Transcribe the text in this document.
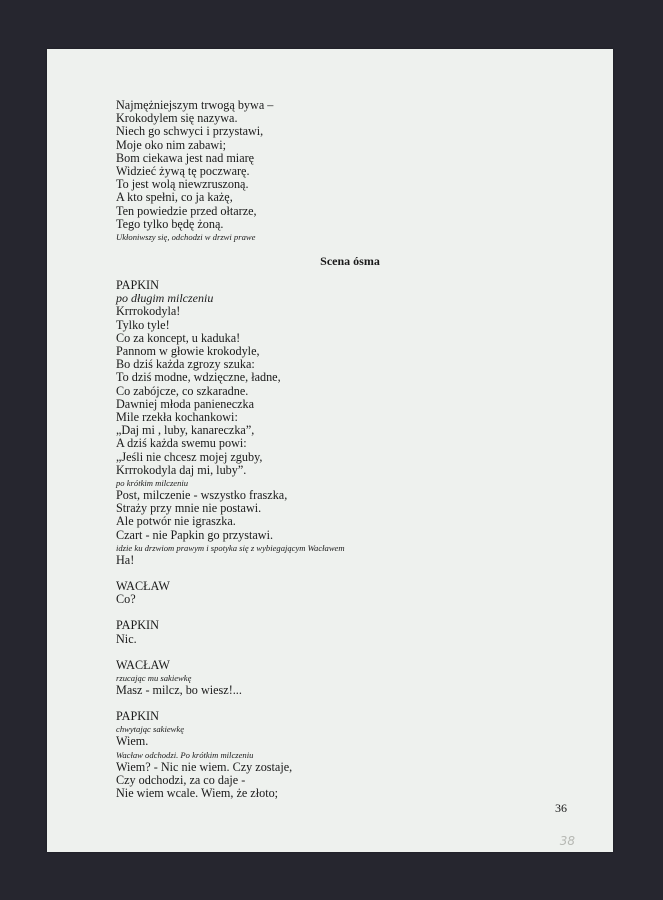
Najmężniejszym trwogą bywa –
Krokodylem się nazywa.
Niech go schwyci i przystawi,
Moje oko nim zabawi;
Bom ciekawa jest nad miarę
Widzieć żywą tę poczwarę.
To jest wolą niewzruszoną.
A kto spełni, co ja każę,
Ten powiedzie przed ołtarze,
Tego tylko będę żoną.
Ukłoniwszy się, odchodzi w drzwi prawe
Scena ósma
PAPKIN
po długim milczeniu
Krrrokodyla!
Tylko tyle!
Co za koncept, u kaduka!
Pannom w głowie krokodyle,
Bo dziś każda zgrozy szuka:
To dziś modne, wdzięczne, ładne,
Co zabójcze, co szkaradne.
Dawniej młoda panieneczka
Mile rzekła kochankowi:
„Daj mi , luby, kanareczka”,
A dziś każda swemu powi:
„Jeśli nie chcesz mojej zguby,
Krrrokodyla daj mi, luby”.
po krótkim milczeniu
Post, milczenie - wszystko fraszka,
Straży przy mnie nie postawi.
Ale potwór nie igraszka.
Czart - nie Papkin go przystawi.
idzie ku drzwiom prawym i spotyka się z wybiegającym Wacławem
Ha!
WACŁAW
Co?
PAPKIN
Nic.
WACŁAW
rzucając mu sakiewkę
Masz - milcz, bo wiesz!...
PAPKIN
chwytając sakiewkę
Wiem.
Wacław odchodzi. Po krótkim milczeniu
Wiem? - Nic nie wiem. Czy zostaje,
Czy odchodzi, za co daje -
Nie wiem wcale. Wiem, że złoto;
36
38
